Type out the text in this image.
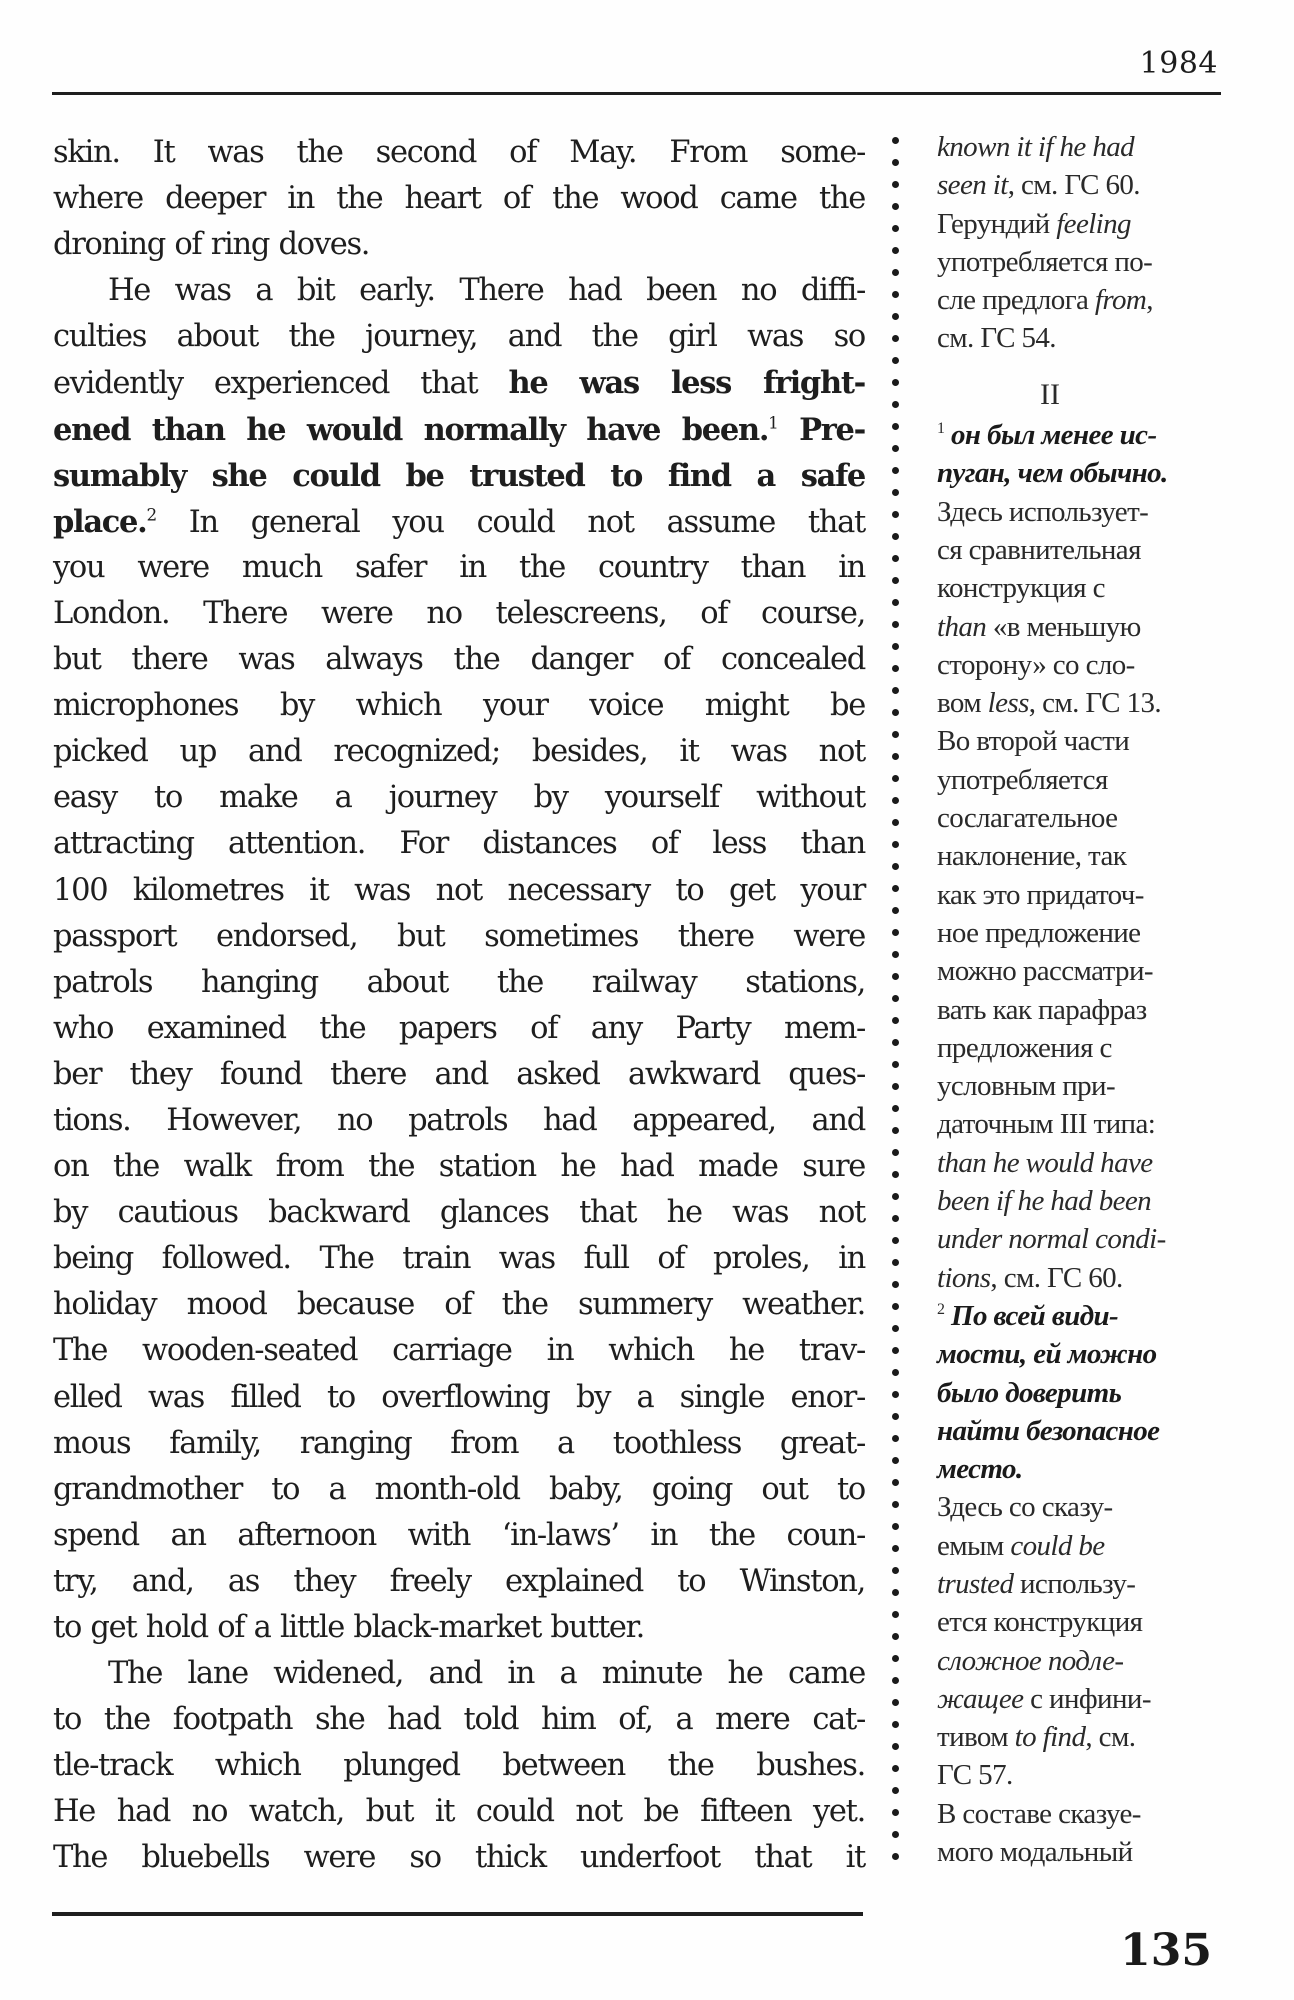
1984
skin. It was the second of May. From some-
where deeper in the heart of the wood came the
droning of ring doves.
He was a bit early. There had been no diffi-
culties about the journey, and the girl was so
evidently experienced that he was less fright-
ened than he would normally have been.$^1$ Pre-
sumably she could be trusted to find a safe
place.$^2$ In general you could not assume that
you were much safer in the country than in
London. There were no telescreens, of course,
but there was always the danger of concealed
microphones by which your voice might be
picked up and recognized; besides, it was not
easy to make a journey by yourself without
attracting attention. For distances of less than
100 kilometres it was not necessary to get your
passport endorsed, but sometimes there were
patrols hanging about the railway stations,
who examined the papers of any Party mem-
ber they found there and asked awkward ques-
tions. However, no patrols had appeared, and
on the walk from the station he had made sure
by cautious backward glances that he was not
being followed. The train was full of proles, in
holiday mood because of the summery weather.
The wooden-seated carriage in which he trav-
elled was filled to overflowing by a single enor-
mous family, ranging from a toothless great-
grandmother to a month-old baby, going out to
spend an afternoon with ‘in-laws’ in the coun-
try, and, as they freely explained to Winston,
to get hold of a little black-market butter.
The lane widened, and in a minute he came
to the footpath she had told him of, a mere cat-
tle-track which plunged between the bushes.
He had no watch, but it could not be fifteen yet.
The bluebells were so thick underfoot that it
known it if he had
seen it, см. ГС 60.
Герундий feeling
употребляется по-
сле предлога from,
см. ГС 54.
II
$^1$ он был менее ис-
пуган, чем обычно.
Здесь использует-
ся сравнительная
конструкция с
than «в меньшую
сторону» со сло-
вом less, см. ГС 13.
Во второй части
употребляется
сослагательное
наклонение, так
как это придаточ-
ное предложение
можно рассматри-
вать как парафраз
предложения с
условным при-
даточным III типа:
than he would have
been if he had been
under normal condi-
tions, см. ГС 60.
$^2$ По всей види-
мости, ей можно
было доверить
найти безопасное
место.
Здесь со сказу-
емым could be
trusted использу-
ется конструкция
сложное подле-
жащее с инфини-
тивом to find, см.
ГС 57.
В составе сказуе-
мого модальный
135
